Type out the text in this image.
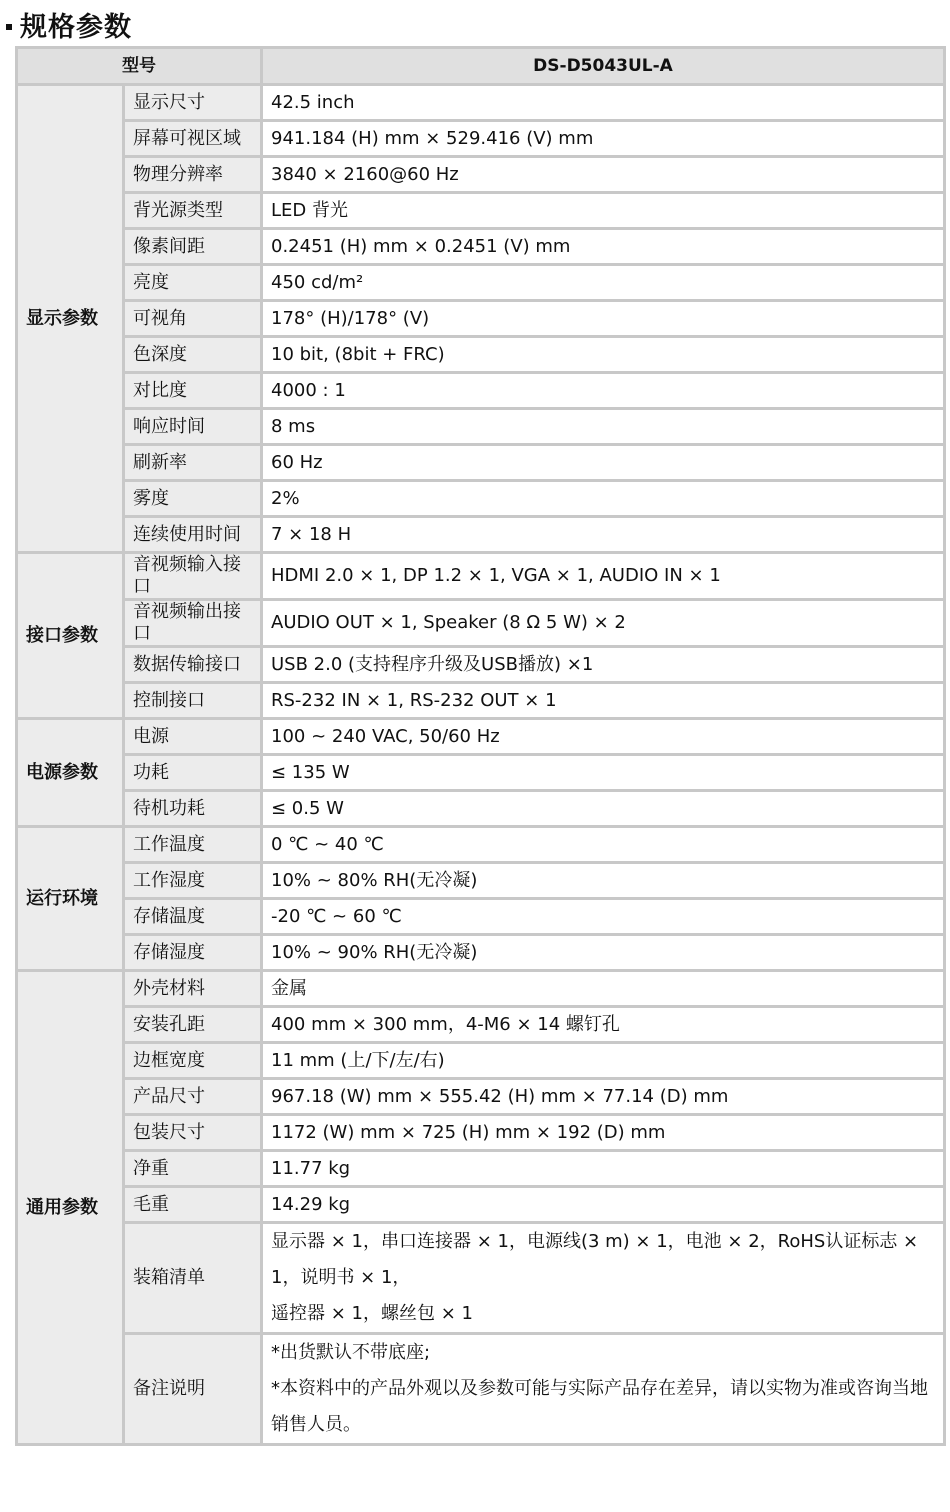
规格参数
型号		DS-D5043UL-A
显示参数	显示尺寸	42.5 inch
	屏幕可视区域	941.184 (H) mm × 529.416 (V) mm
	物理分辨率	3840 × 2160@60 Hz
	背光源类型	LED 背光
	像素间距	0.2451 (H) mm × 0.2451 (V) mm
	亮度	450 cd/m²
	可视角	178° (H)/178° (V)
	色深度	10 bit, (8bit + FRC)
	对比度	4000 : 1
	响应时间	8 ms
	刷新率	60 Hz
	雾度	2%
	连续使用时间	7 × 18 H
接口参数	音视频输入接口	HDMI 2.0 × 1, DP 1.2 × 1, VGA × 1, AUDIO IN × 1
	音视频输出接口	AUDIO OUT × 1, Speaker (8 Ω 5 W) × 2
	数据传输接口	USB 2.0 (支持程序升级及USB播放) ×1
	控制接口	RS-232 IN × 1, RS-232 OUT × 1
电源参数	电源	100 ~ 240 VAC, 50/60 Hz
	功耗	≤ 135 W
	待机功耗	≤ 0.5 W
运行环境	工作温度	0 ℃ ~ 40 ℃
	工作湿度	10% ~ 80% RH(无冷凝)
	存储温度	-20 ℃ ~ 60 ℃
	存储湿度	10% ~ 90% RH(无冷凝)
通用参数	外壳材料	金属
	安装孔距	400 mm × 300 mm，4-M6 × 14 螺钉孔
	边框宽度	11 mm (上/下/左/右)
	产品尺寸	967.18 (W) mm × 555.42 (H) mm × 77.14 (D) mm
	包装尺寸	1172 (W) mm × 725 (H) mm × 192 (D) mm
	净重	11.77 kg
	毛重	14.29 kg
	装箱清单	显示器 × 1，串口连接器 × 1，电源线(3 m) × 1，电池 × 2，RoHS认证标志 × 1，说明书 × 1，
遥控器 × 1，螺丝包 × 1

	备注说明	*出货默认不带底座;
*本资料中的产品外观以及参数可能与实际产品存在差异，请以实物为准或咨询当地销售人员。
